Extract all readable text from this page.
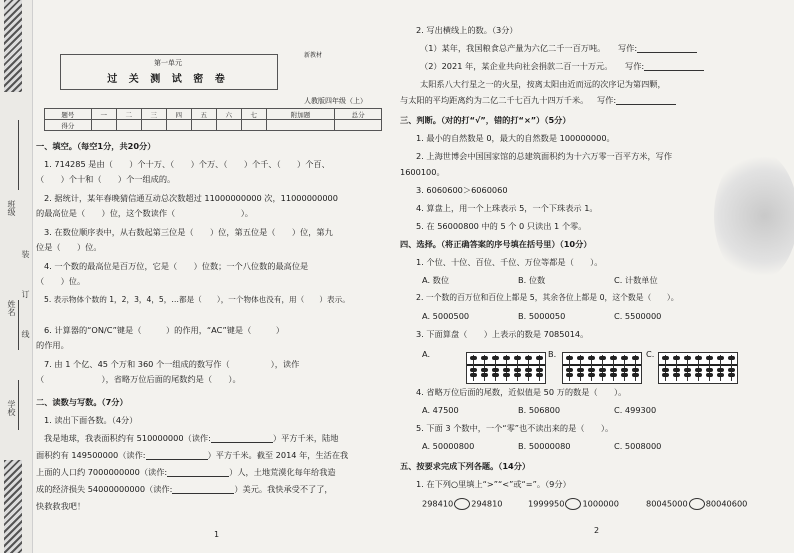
班级
姓名
学校
装
订
线
第一单元
过 关 测 试 密 卷
新教材
人教版四年级（上）
题号	一	二	三	四	五	六	七	附加题	总分
得分									
一、填空。（每空1分，共20分）
1. 714285 是由（　　）个十万、（　　）个万、（　　）个千、（　　）个百、
（　　）个十和（　　）个一组成的。
2. 据统计，某年春晚猜信通互动总次数超过 11000000000 次，11000000000
的最高位是（　　）位，这个数读作（　　　　　　　　）。
3. 在数位顺序表中，从右数起第三位是（　　）位，第五位是（　　）位，第九
位是（　　）位。
4. 一个数的最高位是百万位，它是（　　）位数；一个八位数的最高位是
（　　）位。
5. 表示物体个数的 1，2，3，4，5，…都是（　　），一个物体也没有，用（　　）表示。
6. 计算器的“ON/C”键是（　　　）的作用，“AC”键是（　　　）
的作用。
7. 由 1 个亿、45 个万和 360 个一组成的数写作（　　　　　），读作
（　　　　　　　），省略万位后面的尾数约是（　　）。
二、读数与写数。（7分）
1. 读出下面各数。（4分）
我是地球，我表面积约有 510000000（读作:	）平方千米，陆地
面积约有 149500000（读作:	）平方千米。截至 2014 年，生活在我
上面的人口约 7000000000（读作:	）人，土地荒漠化每年给我造
成的经济损失 54000000000（读作:	）美元。我快承受不了了，
快救救我吧！
1
2. 写出横线上的数。（3分）
（1）某年，我国粮食总产量为六亿二千一百万吨。 写作:
（2）2021 年，某企业共向社会捐款二百一十万元。 写作:
太阳系八大行星之一的火星，按离太阳由近而远的次序记为第四颗，
与太阳的平均距离约为二亿二千七百九十四万千米。 写作:
三、判断。（对的打“√”，错的打“×”）（5分）
1. 最小的自然数是 0，最大的自然数是 100000000。
2. 上海世博会中国国家馆的总建筑面积约为十六万零一百平方米，写作
1600100。
3. 6060600＞6060060
4. 算盘上，用一个上珠表示 5，一个下珠表示 1。
5. 在 56000800 中的 5 个 0 只读出 1 个零。
四、选择。（将正确答案的序号填在括号里）（10分）
1. 个位、十位、百位、千位、万位等都是（　　）。
A. 数位	B. 位数	C. 计数单位
2. 一个数的百万位和百位上都是 5，其余各位上都是 0，这个数是（　　）。
A. 5000500	B. 5000050	C. 5500000
3. 下面算盘（　　）上表示的数是 7085014。
A.	B.	C.
4. 省略万位后面的尾数，近似值是 50 万的数是（　　）。
A. 47500	B. 506800	C. 499300
5. 下面 3 个数中，一个“零”也不读出来的是（　　）。
A. 50000800	B. 50000080	C. 5008000
五、按要求完成下列各题。（14分）
1. 在下列○里填上“>”“<”或“=”。（9分）
298410 294810	1999950 1000000	80045000 80040600
2
